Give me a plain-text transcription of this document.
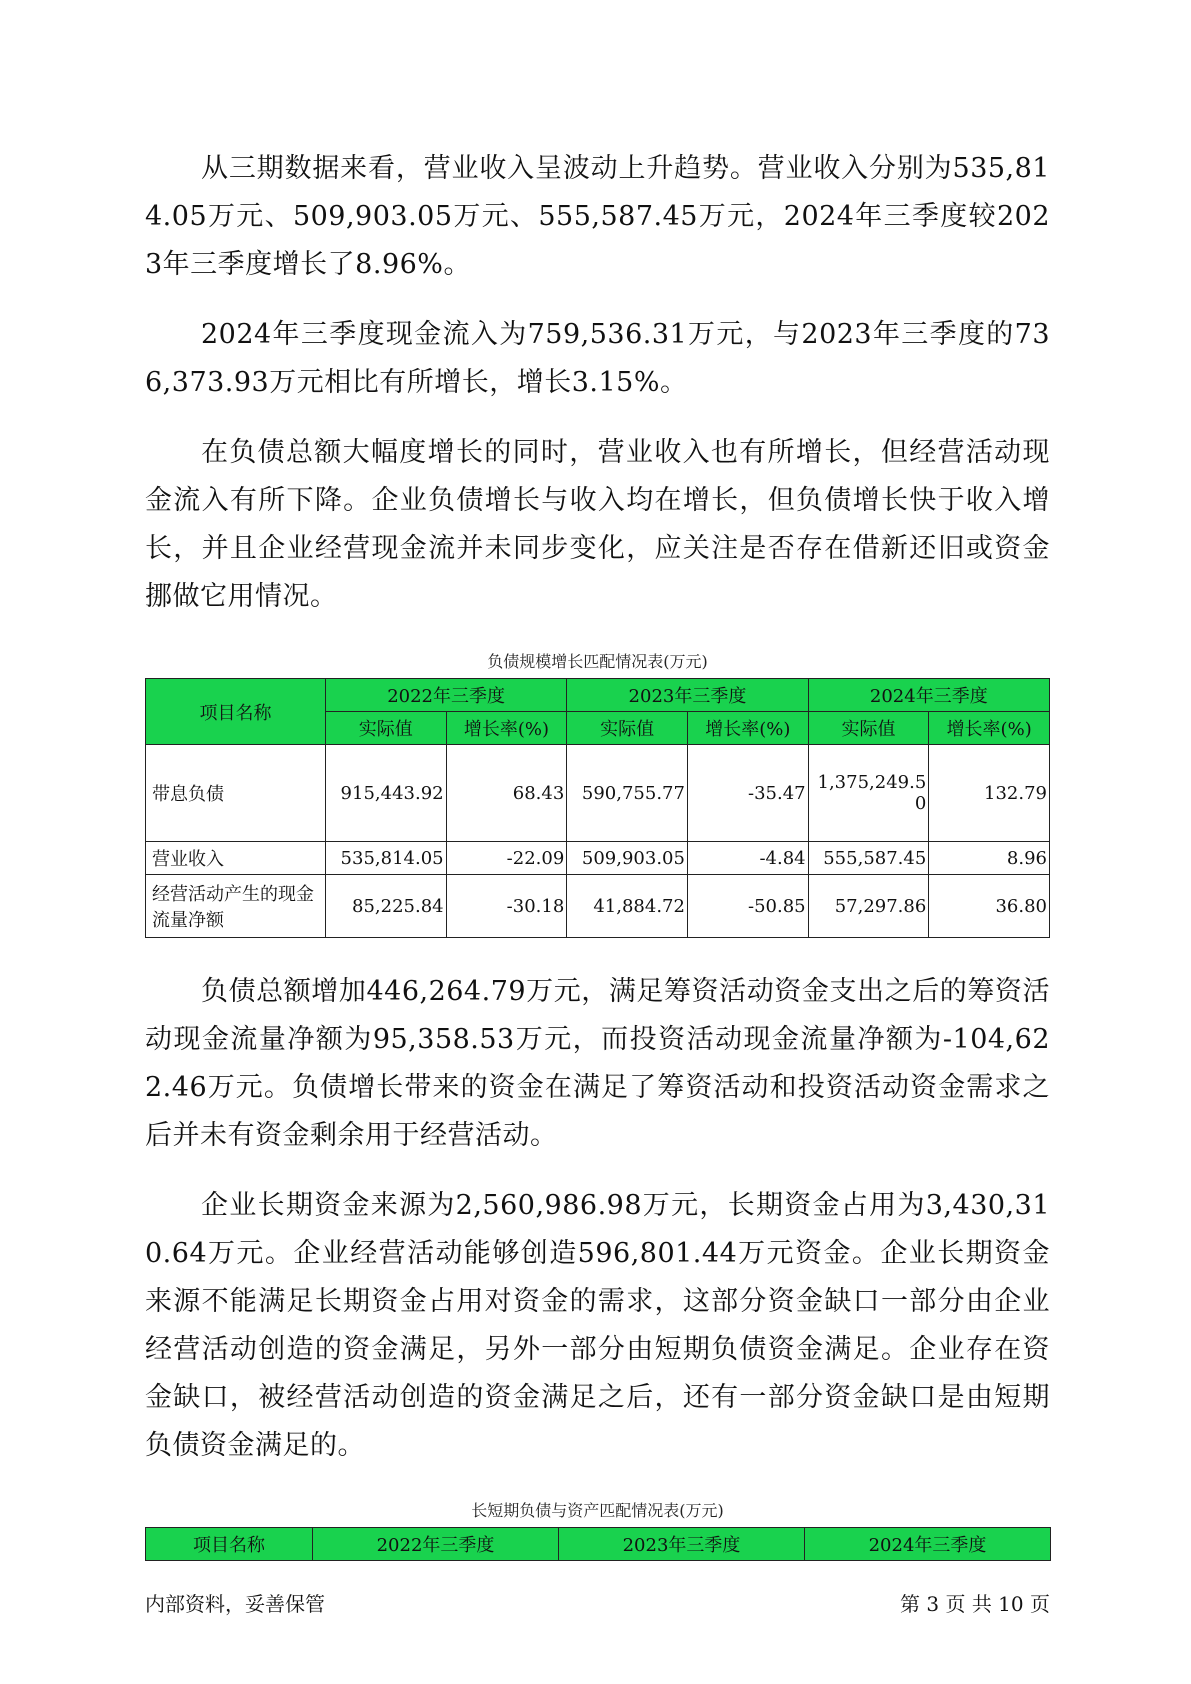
从三期数据来看，营业收入呈波动上升趋势。营业收入分别为535,814.05万元、509,903.05万元、555,587.45万元，2024年三季度较2023年三季度增长了8.96%。

2024年三季度现金流入为759,536.31万元，与2023年三季度的736,373.93万元相比有所增长，增长3.15%。

在负债总额大幅度增长的同时，营业收入也有所增长，但经营活动现金流入有所下降。企业负债增长与收入均在增长，但负债增长快于收入增长，并且企业经营现金流并未同步变化，应关注是否存在借新还旧或资金挪做它用情况。

负债规模增长匹配情况表(万元)
项目名称	2022年三季度		2023年三季度		2024年三季度	
	实际值	增长率(%)	实际值	增长率(%)	实际值	增长率(%)
带息负债	915,443.92	68.43	590,755.77	-35.47	1,375,249.50	132.79
营业收入	535,814.05	-22.09	509,903.05	-4.84	555,587.45	8.96
经营活动产生的现金流量净额	85,225.84	-30.18	41,884.72	-50.85	57,297.86	36.80

负债总额增加446,264.79万元，满足筹资活动资金支出之后的筹资活动现金流量净额为95,358.53万元，而投资活动现金流量净额为-104,622.46万元。负债增长带来的资金在满足了筹资活动和投资活动资金需求之后并未有资金剩余用于经营活动。

企业长期资金来源为2,560,986.98万元，长期资金占用为3,430,310.64万元。企业经营活动能够创造596,801.44万元资金。企业长期资金来源不能满足长期资金占用对资金的需求，这部分资金缺口一部分由企业经营活动创造的资金满足，另外一部分由短期负债资金满足。企业存在资金缺口，被经营活动创造的资金满足之后，还有一部分资金缺口是由短期负债资金满足的。

长短期负债与资产匹配情况表(万元)
项目名称	2022年三季度	2023年三季度	2024年三季度
内部资料，妥善保管	第 3 页 共 10 页
